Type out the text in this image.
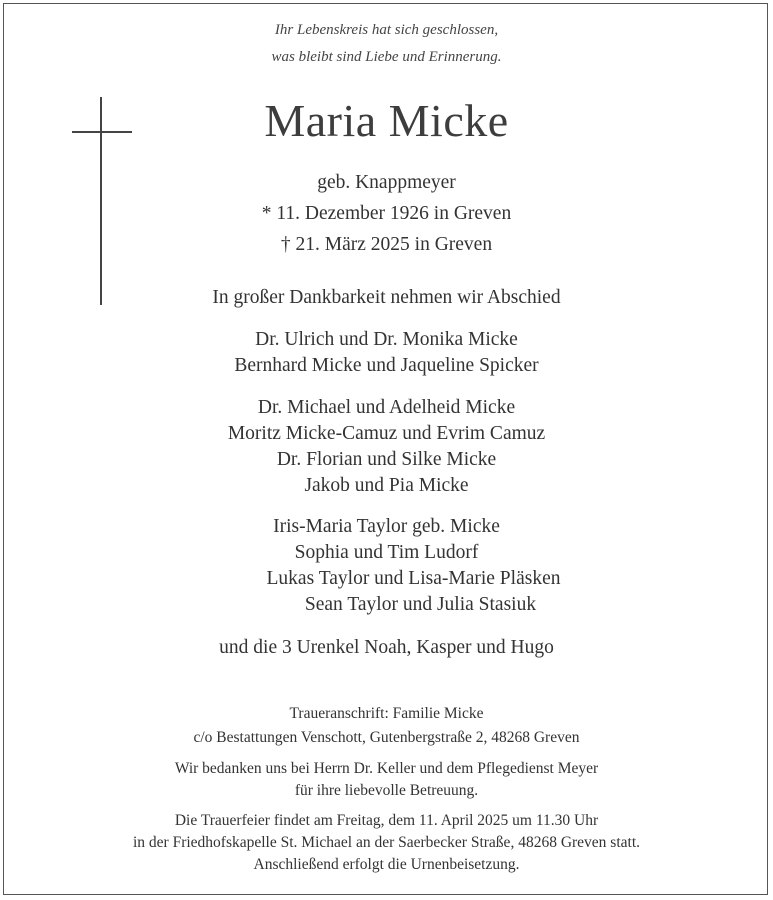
Ihr Lebenskreis hat sich geschlossen,
was bleibt sind Liebe und Erinnerung.
Maria Micke
geb. Knappmeyer
* 11. Dezember 1926 in Greven
† 21. März 2025 in Greven
In großer Dankbarkeit nehmen wir Abschied
Dr. Ulrich und Dr. Monika Micke
Bernhard Micke und Jaqueline Spicker
Dr. Michael und Adelheid Micke
Moritz Micke-Camuz und Evrim Camuz
Dr. Florian und Silke Micke
Jakob und Pia Micke
Iris-Maria Taylor geb. Micke
Sophia und Tim Ludorf
Lukas Taylor und Lisa-Marie Pläsken
Sean Taylor und Julia Stasiuk
und die 3 Urenkel Noah, Kasper und Hugo
Traueranschrift: Familie Micke
c/o Bestattungen Venschott, Gutenbergstraße 2, 48268 Greven
Wir bedanken uns bei Herrn Dr. Keller und dem Pflegedienst Meyer
für ihre liebevolle Betreuung.
Die Trauerfeier findet am Freitag, dem 11. April 2025 um 11.30 Uhr
in der Friedhofskapelle St. Michael an der Saerbecker Straße, 48268 Greven statt.
Anschließend erfolgt die Urnenbeisetzung.
